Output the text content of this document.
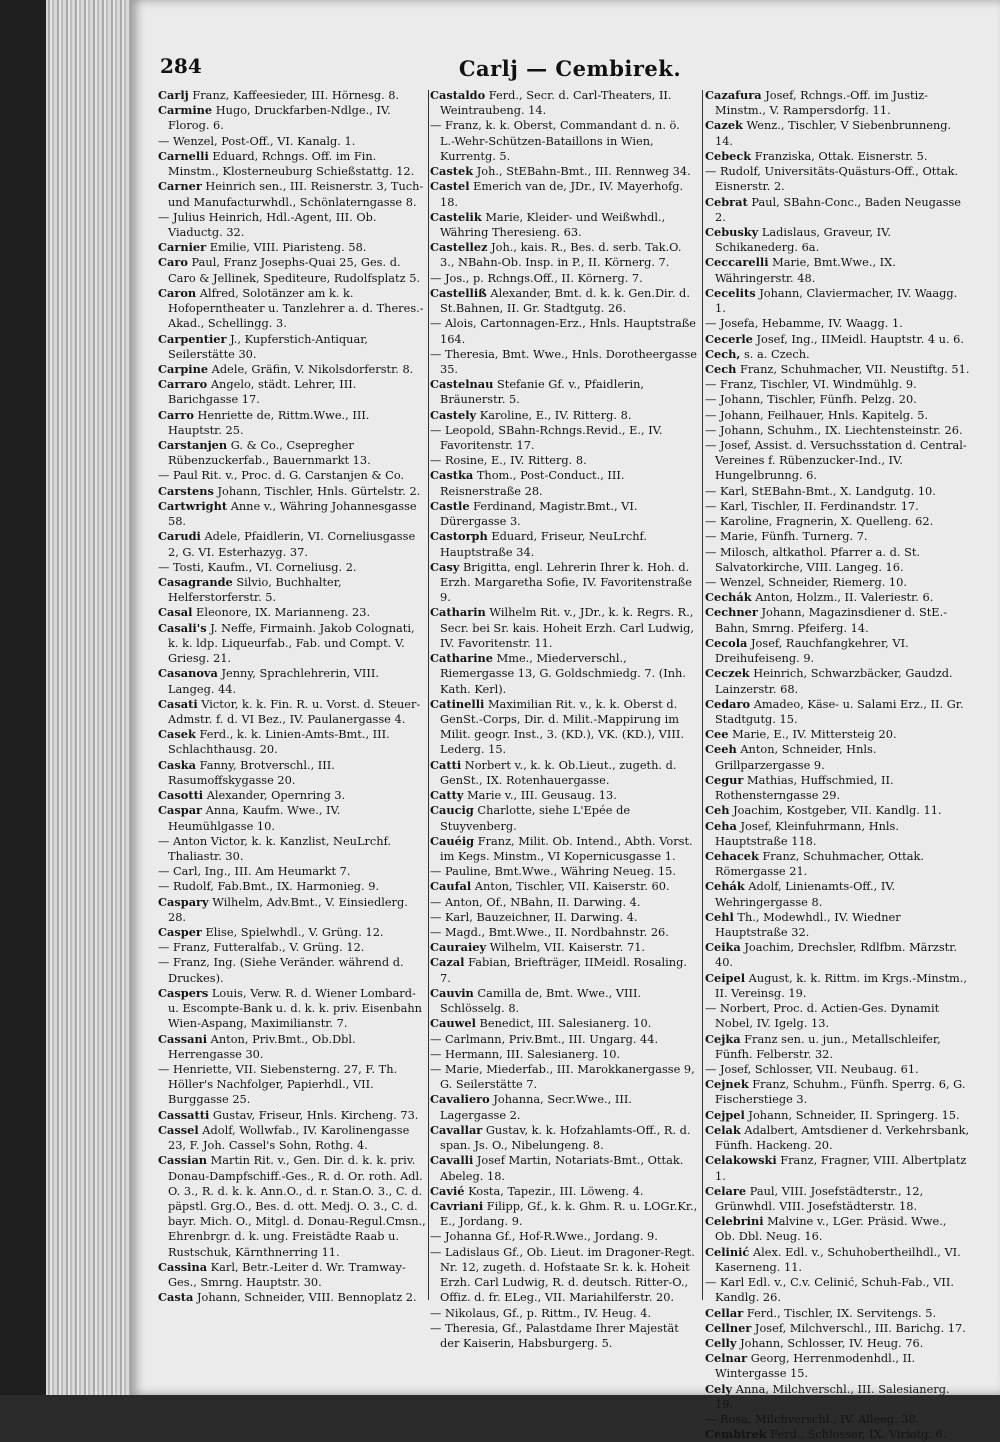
284	Carlj — Cembirek.

Carlj Franz, Kaffeesieder, III. Hörnesg. 8.

Carmine Hugo, Druckfarben-Ndlge., IV. Florog. 6.

— Wenzel, Post-Off., VI. Kanalg. 1.

Carnelli Eduard, Rchngs. Off. im Fin. Minstm., Klosterneuburg Schießstattg. 12.

Carner Heinrich sen., III. Reisnerstr. 3, Tuch- und Manufacturwhdl., Schönlaterngasse 8.

— Julius Heinrich, Hdl.-Agent, III. Ob. Viaductg. 32.

Carnier Emilie, VIII. Piaristeng. 58.

Caro Paul, Franz Josephs-Quai 25, Ges. d. Caro & Jellinek, Spediteure, Rudolfsplatz 5.

Caron Alfred, Solotänzer am k. k. Hofoperntheater u. Tanzlehrer a. d. Theres.-Akad., Schellingg. 3.

Carpentier J., Kupferstich-Antiquar, Seilerstätte 30.

Carpine Adele, Gräfin, V. Nikolsdorferstr. 8.

Carraro Angelo, städt. Lehrer, III. Barichgasse 17.

Carro Henriette de, Rittm.Wwe., III. Hauptstr. 25.

Carstanjen G. & Co., Csepregher Rübenzuckerfab., Bauernmarkt 13.

— Paul Rit. v., Proc. d. G. Carstanjen & Co.

Carstens Johann, Tischler, Hnls. Gürtelstr. 2.

Cartwright Anne v., Währing Johannesgasse 58.

Carudi Adele, Pfaidlerin, VI. Corneliusgasse 2, G. VI. Esterhazyg. 37.

— Tosti, Kaufm., VI. Corneliusg. 2.

Casagrande Silvio, Buchhalter, Helferstorferstr. 5.

Casal Eleonore, IX. Marianneng. 23.

Casali's J. Neffe, Firmainh. Jakob Colognati, k. k. ldp. Liqueurfab., Fab. und Compt. V. Griesg. 21.

Casanova Jenny, Sprachlehrerin, VIII. Langeg. 44.

Casati Victor, k. k. Fin. R. u. Vorst. d. Steuer-Admstr. f. d. VI Bez., IV. Paulanergasse 4.

Casek Ferd., k. k. Linien-Amts-Bmt., III. Schlachthausg. 20.

Caska Fanny, Brotverschl., III. Rasumoffskygasse 20.

Casotti Alexander, Opernring 3.

Caspar Anna, Kaufm. Wwe., IV. Heumühlgasse 10.

— Anton Victor, k. k. Kanzlist, NeuLrchf. Thaliastr. 30.

— Carl, Ing., III. Am Heumarkt 7.

— Rudolf, Fab.Bmt., IX. Harmonieg. 9.

Caspary Wilhelm, Adv.Bmt., V. Einsiedlerg. 28.

Casper Elise, Spielwhdl., V. Grüng. 12.

— Franz, Futteralfab., V. Grüng. 12.

— Franz, Ing. (Siehe Veränder. während d. Druckes).

Caspers Louis, Verw. R. d. Wiener Lombard- u. Escompte-Bank u. d. k. k. priv. Eisenbahn Wien-Aspang, Maximilianstr. 7.

Cassani Anton, Priv.Bmt., Ob.Dbl. Herrengasse 30.

— Henriette, VII. Siebensterng. 27, F. Th. Höller's Nachfolger, Papierhdl., VII. Burggasse 25.

Cassatti Gustav, Friseur, Hnls. Kircheng. 73.

Cassel Adolf, Wollwfab., IV. Karolinengasse 23, F. Joh. Cassel's Sohn, Rothg. 4.

Cassian Martin Rit. v., Gen. Dir. d. k. k. priv. Donau-Dampfschiff.-Ges., R. d. Or. roth. Adl. O. 3., R. d. k. k. Ann.O., d. r. Stan.O. 3., C. d. päpstl. Grg.O., Bes. d. ott. Medj. O. 3., C. d. bayr. Mich. O., Mitgl. d. Donau-Regul.Cmsn., Ehrenbrgr. d. k. ung. Freistädte Raab u. Rustschuk, Kärnthnerring 11.

Cassina Karl, Betr.-Leiter d. Wr. Tramway-Ges., Smrng. Hauptstr. 30.

Casta Johann, Schneider, VIII. Bennoplatz 2.

Castaldo Ferd., Secr. d. Carl-Theaters, II. Weintraubeng. 14.

— Franz, k. k. Oberst, Commandant d. n. ö. L.-Wehr-Schützen-Bataillons in Wien, Kurrentg. 5.

Castek Joh., StEBahn-Bmt., III. Rennweg 34.

Castel Emerich van de, JDr., IV. Mayerhofg. 18.

Castelik Marie, Kleider- und Weißwhdl., Währing Theresieng. 63.

Castellez Joh., kais. R., Bes. d. serb. Tak.O. 3., NBahn-Ob. Insp. in P., II. Körnerg. 7.

— Jos., p. Rchngs.Off., II. Körnerg. 7.

Castelliß Alexander, Bmt. d. k. k. Gen.Dir. d. St.Bahnen, II. Gr. Stadtgutg. 26.

— Alois, Cartonnagen-Erz., Hnls. Hauptstraße 164.

— Theresia, Bmt. Wwe., Hnls. Dorotheergasse 35.

Castelnau Stefanie Gf. v., Pfaidlerin, Bräunerstr. 5.

Castely Karoline, E., IV. Ritterg. 8.

— Leopold, SBahn-Rchngs.Revid., E., IV. Favoritenstr. 17.

— Rosine, E., IV. Ritterg. 8.

Castka Thom., Post-Conduct., III. Reisnerstraße 28.

Castle Ferdinand, Magistr.Bmt., VI. Dürergasse 3.

Castorph Eduard, Friseur, NeuLrchf. Hauptstraße 34.

Casy Brigitta, engl. Lehrerin Ihrer k. Hoh. d. Erzh. Margaretha Sofie, IV. Favoritenstraße 9.

Catharin Wilhelm Rit. v., JDr., k. k. Regrs. R., Secr. bei Sr. kais. Hoheit Erzh. Carl Ludwig, IV. Favoritenstr. 11.

Catharine Mme., Miederverschl., Riemergasse 13, G. Goldschmiedg. 7. (Inh. Kath. Kerl).

Catinelli Maximilian Rit. v., k. k. Oberst d. GenSt.-Corps, Dir. d. Milit.-Mappirung im Milit. geogr. Inst., 3. (KD.), VK. (KD.), VIII. Lederg. 15.

Catti Norbert v., k. k. Ob.Lieut., zugeth. d. GenSt., IX. Rotenhauergasse.

Catty Marie v., III. Geusaug. 13.

Caucig Charlotte, siehe L'Epée de Stuyvenberg.

Cauéig Franz, Milit. Ob. Intend., Abth. Vorst. im Kegs. Minstm., VI Kopernicusgasse 1.

— Pauline, Bmt.Wwe., Währing Neueg. 15.

Caufal Anton, Tischler, VII. Kaiserstr. 60.

— Anton, Of., NBahn, II. Darwing. 4.

— Karl, Bauzeichner, II. Darwing. 4.

— Magd., Bmt.Wwe., II. Nordbahnstr. 26.

Cauraiey Wilhelm, VII. Kaiserstr. 71.

Cazal Fabian, Briefträger, IIMeidl. Rosaling. 7.

Cauvin Camilla de, Bmt. Wwe., VIII. Schlösselg. 8.

Cauwel Benedict, III. Salesianerg. 10.

— Carlmann, Priv.Bmt., III. Ungarg. 44.

— Hermann, III. Salesianerg. 10.

— Marie, Miederfab., III. Marokkanergasse 9, G. Seilerstätte 7.

Cavaliero Johanna, Secr.Wwe., III. Lagergasse 2.

Cavallar Gustav, k. k. Hofzahlamts-Off., R. d. span. Js. O., Nibelungeng. 8.

Cavalli Josef Martin, Notariats-Bmt., Ottak. Abeleg. 18.

Cavié Kosta, Tapezir., III. Löweng. 4.

Cavriani Filipp, Gf., k. k. Ghm. R. u. LOGr.Kr., E., Jordang. 9.

— Johanna Gf., Hof-R.Wwe., Jordang. 9.

— Ladislaus Gf., Ob. Lieut. im Dragoner-Regt. Nr. 12, zugeth. d. Hofstaate Sr. k. k. Hoheit Erzh. Carl Ludwig, R. d. deutsch. Ritter-O., Offiz. d. fr. ELeg., VII. Mariahilferstr. 20.

— Nikolaus, Gf., p. Rittm., IV. Heug. 4.

— Theresia, Gf., Palastdame Ihrer Majestät der Kaiserin, Habsburgerg. 5.

Cazafura Josef, Rchngs.-Off. im Justiz-Minstm., V. Rampersdorfg. 11.

Cazek Wenz., Tischler, V Siebenbrunneng. 14.

Cebeck Franziska, Ottak. Eisnerstr. 5.

— Rudolf, Universitäts-Quästurs-Off., Ottak. Eisnerstr. 2.

Cebrat Paul, SBahn-Conc., Baden Neugasse 2.

Cebusky Ladislaus, Graveur, IV. Schikanederg. 6a.

Ceccarelli Marie, Bmt.Wwe., IX. Währingerstr. 48.

Cecelits Johann, Claviermacher, IV. Waagg. 1.

— Josefa, Hebamme, IV. Waagg. 1.

Cecerle Josef, Ing., IIMeidl. Hauptstr. 4 u. 6.

Cech, s. a. Czech.

Cech Franz, Schuhmacher, VII. Neustiftg. 51.

— Franz, Tischler, VI. Windmühlg. 9.

— Johann, Tischler, Fünfh. Pelzg. 20.

— Johann, Feilhauer, Hnls. Kapitelg. 5.

— Johann, Schuhm., IX. Liechtensteinstr. 26.

— Josef, Assist. d. Versuchsstation d. Central-Vereines f. Rübenzucker-Ind., IV. Hungelbrunng. 6.

— Karl, StEBahn-Bmt., X. Landgutg. 10.

— Karl, Tischler, II. Ferdinandstr. 17.

— Karoline, Fragnerin, X. Quelleng. 62.

— Marie, Fünfh. Turnerg. 7.

— Milosch, altkathol. Pfarrer a. d. St. Salvatorkirche, VIII. Langeg. 16.

— Wenzel, Schneider, Riemerg. 10.

Cechák Anton, Holzm., II. Valeriestr. 6.

Cechner Johann, Magazinsdiener d. StE.-Bahn, Smrng. Pfeiferg. 14.

Cecola Josef, Rauchfangkehrer, VI. Dreihufeiseng. 9.

Ceczek Heinrich, Schwarzbäcker, Gaudzd. Lainzerstr. 68.

Cedaro Amadeo, Käse- u. Salami Erz., II. Gr. Stadtgutg. 15.

Cee Marie, E., IV. Mittersteig 20.

Ceeh Anton, Schneider, Hnls. Grillparzergasse 9.

Cegur Mathias, Huffschmied, II. Rothensterngasse 29.

Ceh Joachim, Kostgeber, VII. Kandlg. 11.

Ceha Josef, Kleinfuhrmann, Hnls. Hauptstraße 118.

Cehacek Franz, Schuhmacher, Ottak. Römergasse 21.

Cehák Adolf, Linienamts-Off., IV. Wehringergasse 8.

Cehl Th., Modewhdl., IV. Wiedner Hauptstraße 32.

Ceika Joachim, Drechsler, Rdlfbm. Märzstr. 40.

Ceipel August, k. k. Rittm. im Krgs.-Minstm., II. Vereinsg. 19.

— Norbert, Proc. d. Actien-Ges. Dynamit Nobel, IV. Igelg. 13.

Cejka Franz sen. u. jun., Metallschleifer, Fünfh. Felberstr. 32.

— Josef, Schlosser, VII. Neubaug. 61.

Cejnek Franz, Schuhm., Fünfh. Sperrg. 6, G. Fischerstiege 3.

Cejpel Johann, Schneider, II. Springerg. 15.

Celak Adalbert, Amtsdiener d. Verkehrsbank, Fünfh. Hackeng. 20.

Celakowski Franz, Fragner, VIII. Albertplatz 1.

Celare Paul, VIII. Josefstädterstr., 12, Grünwhdl. VIII. Josefstädterstr. 18.

Celebrini Malvine v., LGer. Präsid. Wwe., Ob. Dbl. Neug. 16.

Celinić Alex. Edl. v., Schuhobertheilhdl., VI. Kaserneng. 11.

— Karl Edl. v., C.v. Celinić, Schuh-Fab., VII. Kandlg. 26.

Cellar Ferd., Tischler, IX. Servitengs. 5.

Cellner Josef, Milchverschl., III. Barichg. 17.

Celly Johann, Schlosser, IV. Heug. 76.

Celnar Georg, Herrenmodenhdl., II. Wintergasse 15.

Cely Anna, Milchverschl., III. Salesianerg. 19.

— Rosa, Milchverschl., IV. Alleeg. 38.

Cembirek Ferd., Schlosser, IX. Viriotg. 6.
